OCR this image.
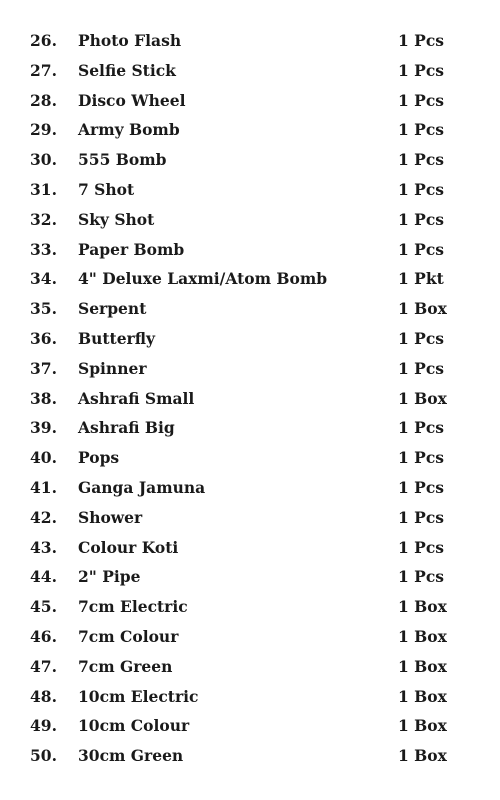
26. Photo Flash	1 Pcs
27. Selfie Stick	1 Pcs
28. Disco Wheel	1 Pcs
29. Army Bomb	1 Pcs
30. 555 Bomb	1 Pcs
31. 7 Shot	1 Pcs
32. Sky Shot	1 Pcs
33. Paper Bomb	1 Pcs
34. 4" Deluxe Laxmi/Atom Bomb	1 Pkt
35. Serpent	1 Box
36. Butterfly	1 Pcs
37. Spinner	1 Pcs
38. Ashrafi Small	1 Box
39. Ashrafi Big	1 Pcs
40. Pops	1 Pcs
41. Ganga Jamuna	1 Pcs
42. Shower	1 Pcs
43. Colour Koti	1 Pcs
44. 2" Pipe	1 Pcs
45. 7cm Electric	1 Box
46. 7cm Colour	1 Box
47. 7cm Green	1 Box
48. 10cm Electric	1 Box
49. 10cm Colour	1 Box
50. 30cm Green	1 Box
